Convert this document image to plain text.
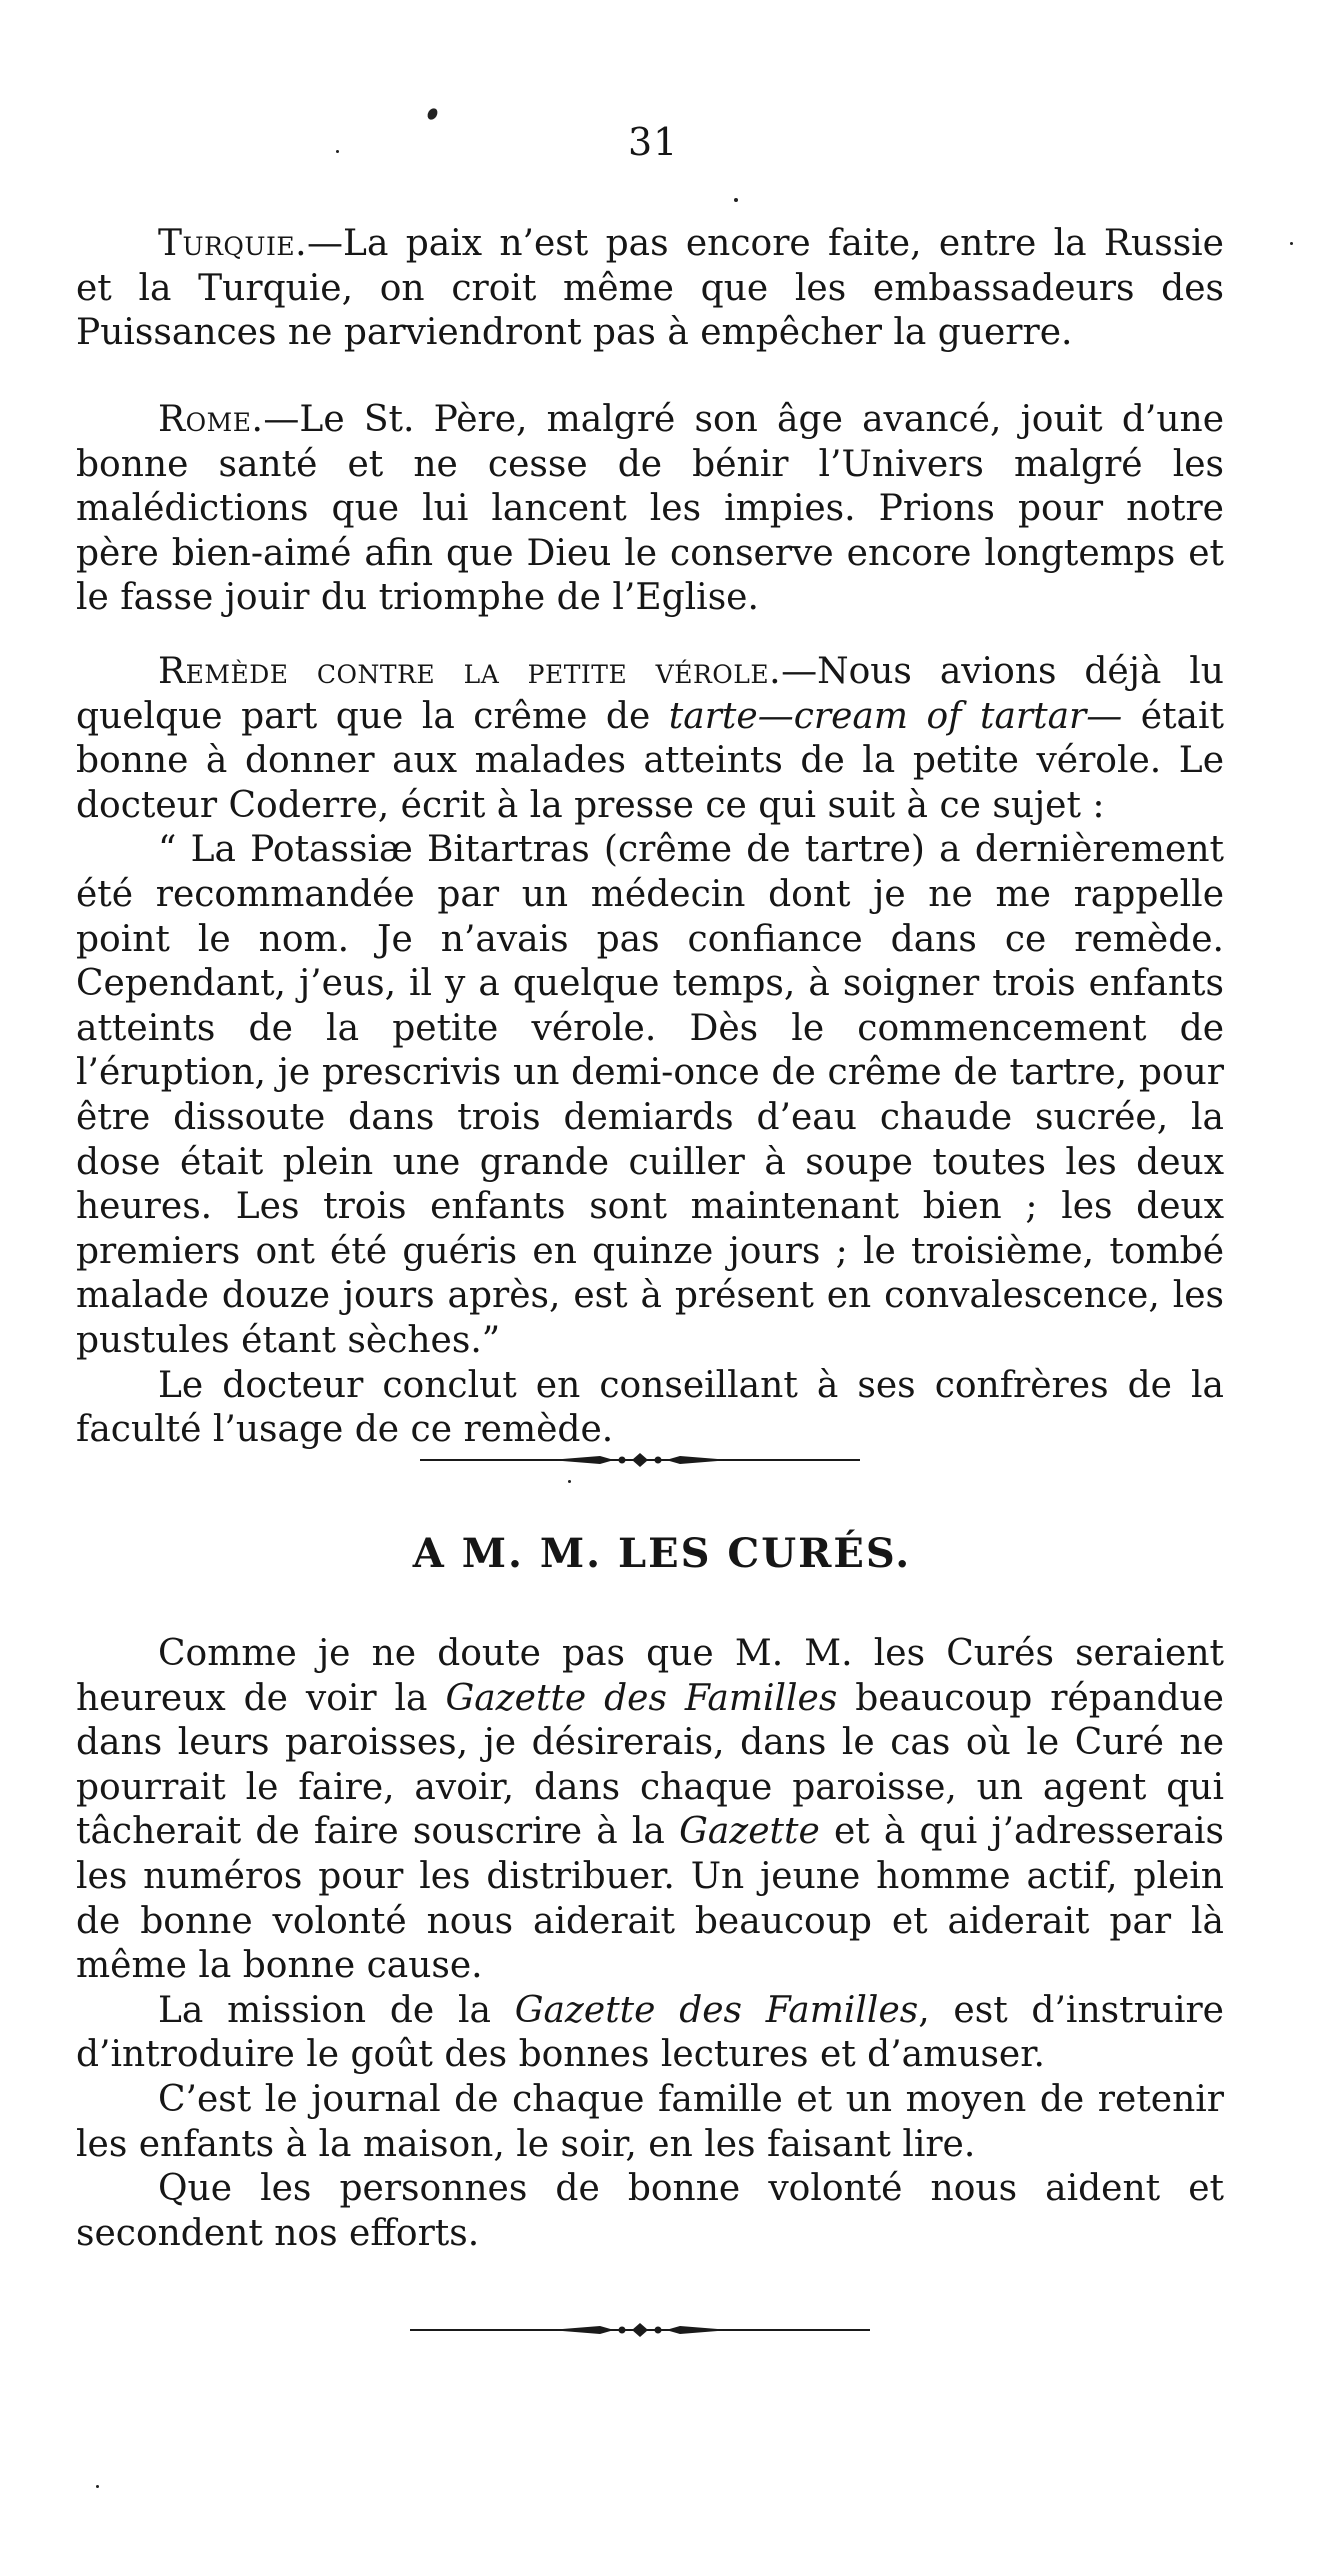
31

Turquie.—La paix n’est pas encore faite, entre la Russie et la Turquie, on croit même que les embassadeurs des Puissances ne parviendront pas à empêcher la guerre.

Rome.—Le St. Père, malgré son âge avancé, jouit d’une bonne santé et ne cesse de bénir l’Univers malgré les malédictions que lui lancent les impies. Prions pour notre père bien-aimé afin que Dieu le conserve encore longtemps et le fasse jouir du triomphe de l’Eglise.

Remède contre la petite vérole.—Nous avions déjà lu quelque part que la crême de tarte—cream of tartar— était bonne à donner aux malades atteints de la petite vérole. Le docteur Coderre, écrit à la presse ce qui suit à ce sujet :

“ La Potassiæ Bitartras (crême de tartre) a dernièrement été recommandée par un médecin dont je ne me rappelle point le nom. Je n’avais pas confiance dans ce remède. Cependant, j’eus, il y a quelque temps, à soigner trois enfants atteints de la petite vérole. Dès le commencement de l’éruption, je prescrivis un demi-once de crême de tartre, pour être dissoute dans trois demiards d’eau chaude sucrée, la dose était plein une grande cuiller à soupe toutes les deux heures. Les trois enfants sont maintenant bien ; les deux premiers ont été guéris en quinze jours ; le troisième, tombé malade douze jours après, est à présent en convalescence, les pustules étant sèches.”

Le docteur conclut en conseillant à ses confrères de la faculté l’usage de ce remède.

A M. M. LES CURÉS.

Comme je ne doute pas que M. M. les Curés seraient heureux de voir la Gazette des Familles beaucoup répandue dans leurs paroisses, je désirerais, dans le cas où le Curé ne pourrait le faire, avoir, dans chaque paroisse, un agent qui tâcherait de faire souscrire à la Gazette et à qui j’adresserais les numéros pour les distribuer. Un jeune homme actif, plein de bonne volonté nous aiderait beaucoup et aiderait par là même la bonne cause.

La mission de la Gazette des Familles, est d’instruire d’introduire le goût des bonnes lectures et d’amuser.

C’est le journal de chaque famille et un moyen de retenir les enfants à la maison, le soir, en les faisant lire.

Que les personnes de bonne volonté nous aident et secondent nos efforts.
